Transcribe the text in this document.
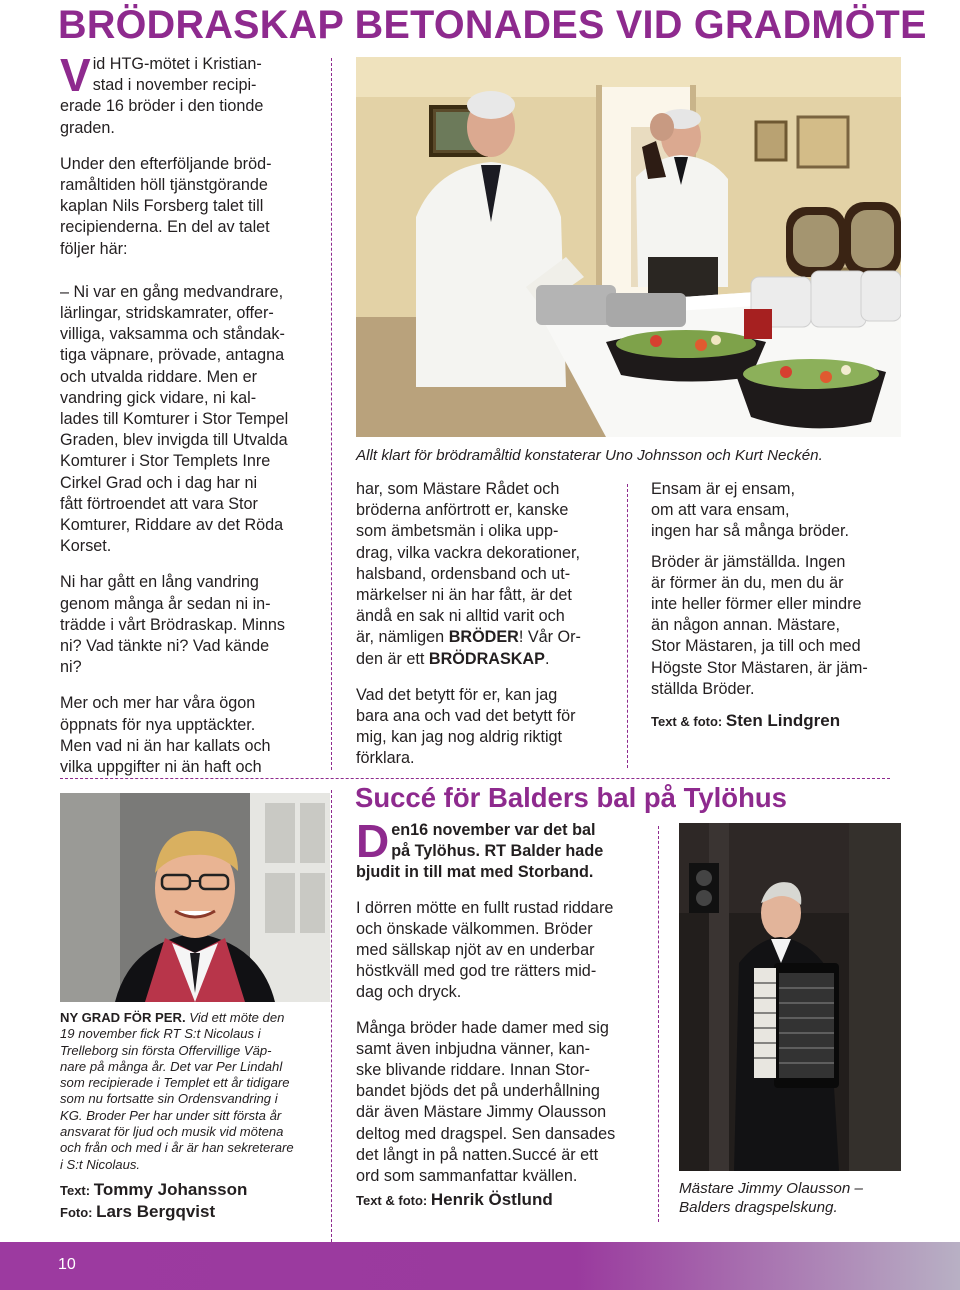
BRÖDRASKAP BETONADES VID GRADMÖTE

Vid HTG-mötet i Kristian-
stad i november recipi-
erade 16 bröder i den tionde
graden.

Under den efterföljande bröd-
ramåltiden höll tjänstgörande
kaplan Nils Forsberg talet till
recipienderna. En del av talet
följer här:

– Ni var en gång medvandrare,
lärlingar, stridskamrater, offer-
villiga, vaksamma och ståndak-
tiga väpnare, prövade, antagna
och utvalda riddare. Men er
vandring gick vidare, ni kal-
lades till Komturer i Stor Tempel
Graden, blev invigda till Utvalda
Komturer i Stor Templets Inre
Cirkel Grad och i dag har ni
fått förtroendet att vara Stor
Komturer, Riddare av det Röda
Korset.

Ni har gått en lång vandring
genom många år sedan ni in-
trädde i vårt Brödraskap. Minns
ni? Vad tänkte ni? Vad kände
ni?

Mer och mer har våra ögon
öppnats för nya upptäckter.
Men vad ni än har kallats och
vilka uppgifter ni än haft och

Allt klart för brödramåltid konstaterar Uno Johnsson och Kurt Neckén.

har, som Mästare Rådet och
bröderna anförtrott er, kanske
som ämbetsmän i olika upp-
drag, vilka vackra dekorationer,
halsband, ordensband och ut-
märkelser ni än har fått, är det
ändå en sak ni alltid varit och
är, nämligen BRÖDER! Vår Or-
den är ett BRÖDRASKAP.

Vad det betytt för er, kan jag
bara ana och vad det betytt för
mig, kan jag nog aldrig riktigt
förklara.

Ensam är ej ensam,
om att vara ensam,
ingen har så många bröder.

Bröder är jämställda. Ingen
är förmer än du, men du är
inte heller förmer eller mindre
än någon annan. Mästare,
Stor Mästaren, ja till och med
Högste Stor Mästaren, är jäm-
ställda Bröder.

Text & foto: Sten Lindgren

NY GRAD FÖR PER. Vid ett möte den
19 november fick RT S:t Nicolaus i
Trelleborg sin första Offervillige Väp-
nare på många år. Det var Per Lindahl
som recipierade i Templet ett år tidigare
som nu fortsatte sin Ordensvandring i
KG. Broder Per har under sitt första år
ansvarat för ljud och musik vid mötena
och från och med i år är han sekreterare
i S:t Nicolaus.

Text: Tommy Johansson

Foto: Lars Bergqvist

Succé för Balders bal på Tylöhus

Den16 november var det bal
på Tylöhus. RT Balder hade
bjudit in till mat med Storband.

I dörren mötte en fullt rustad riddare
och önskade välkommen. Bröder
med sällskap njöt av en underbar
höstkväll med god tre rätters mid-
dag och dryck.

Många bröder hade damer med sig
samt även inbjudna vänner, kan-
ske blivande riddare. Innan Stor-
bandet bjöds det på underhållning
där även Mästare Jimmy Olausson
deltog med dragspel. Sen dansades
det långt in på natten.Succé är ett
ord som sammanfattar kvällen.

Text & foto: Henrik Östlund

Mästare Jimmy Olausson –
Balders dragspelskung.
10
